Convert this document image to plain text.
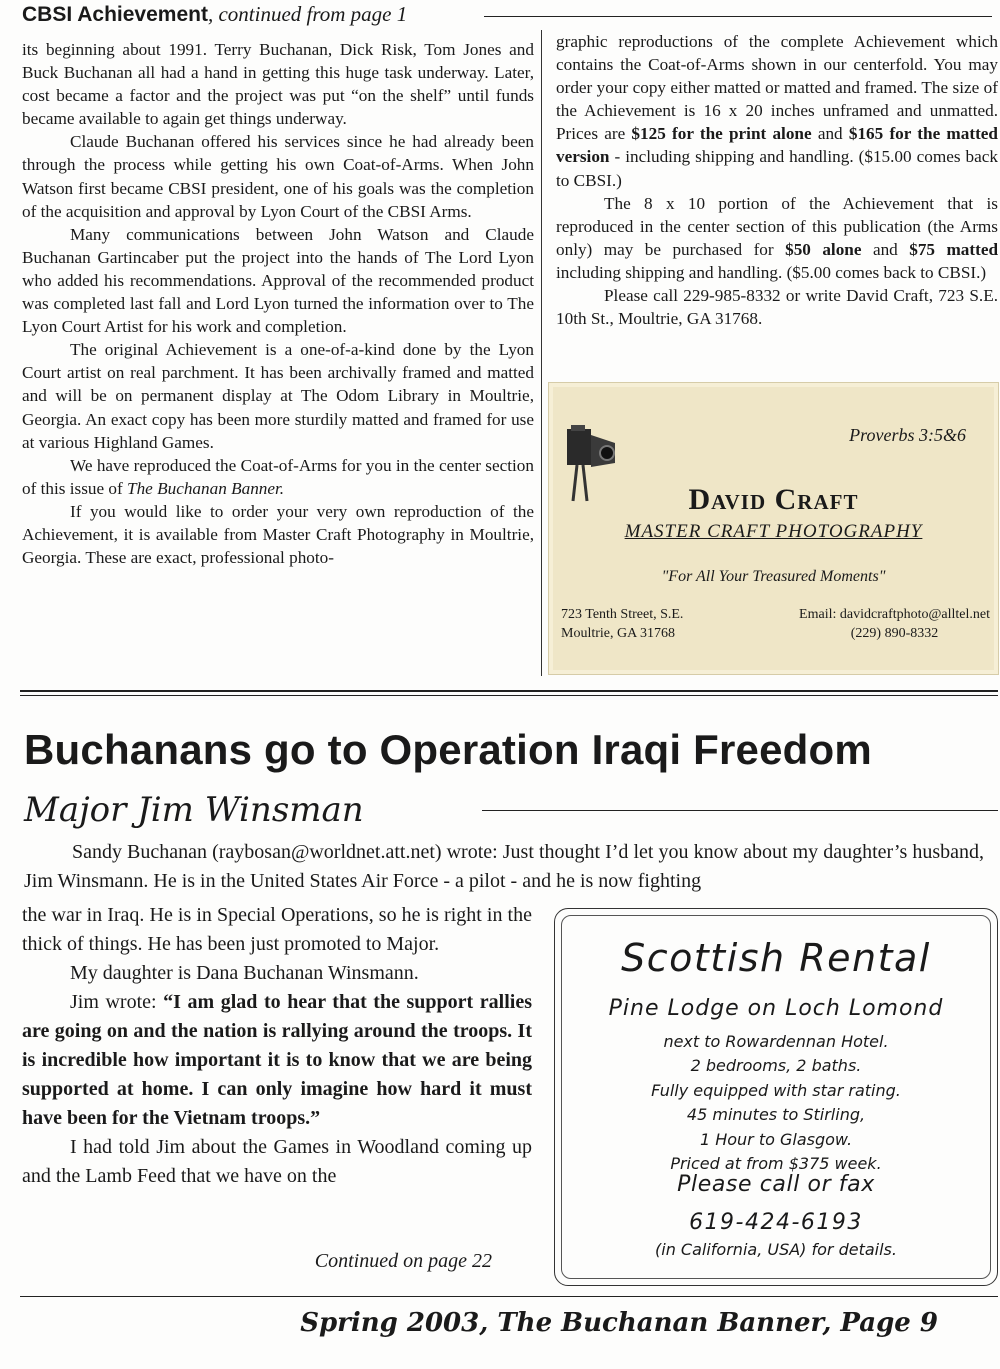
CBSI Achievement, continued from page 1

its beginning about 1991. Terry Buchanan, Dick Risk, Tom Jones and Buck Buchanan all had a hand in getting this huge task underway. Later, cost became a factor and the project was put “on the shelf” until funds became available to again get things underway.

Claude Buchanan offered his services since he had already been through the process while getting his own Coat-of-Arms. When John Watson first became CBSI president, one of his goals was the completion of the acquisition and approval by Lyon Court of the CBSI Arms.

Many communications between John Watson and Claude Buchanan Gartincaber put the project into the hands of The Lord Lyon who added his recommendations. Approval of the recommended product was completed last fall and Lord Lyon turned the information over to The Lyon Court Artist for his work and completion.

The original Achievement is a one-of-a-kind done by the Lyon Court artist on real parchment. It has been archivally framed and matted and will be on permanent display at The Odom Library in Moultrie, Georgia. An exact copy has been more sturdily matted and framed for use at various Highland Games.

We have reproduced the Coat-of-Arms for you in the center section of this issue of The Buchanan Banner.

If you would like to order your very own reproduction of the Achievement, it is available from Master Craft Photography in Moultrie, Georgia. These are exact, professional photo-

graphic reproductions of the complete Achievement which contains the Coat-of-Arms shown in our centerfold. You may order your copy either matted or matted and framed. The size of the Achievement is 16 x 20 inches unframed and unmatted. Prices are $125 for the print alone and $165 for the matted version - including shipping and handling. ($15.00 comes back to CBSI.)

The 8 x 10 portion of the Achievement that is reproduced in the center section of this publication (the Arms only) may be purchased for $50 alone and $75 matted including shipping and handling. ($5.00 comes back to CBSI.)

Please call 229-985-8332 or write David Craft, 723 S.E. 10th St., Moultrie, GA 31768.

Proverbs 3:5&6
David Craft
MASTER CRAFT PHOTOGRAPHY
"For All Your Treasured Moments"
723 Tenth Street, S.E.
Moultrie, GA 31768
Email: davidcraftphoto@alltel.net
(229) 890-8332
Buchanans go to Operation Iraqi Freedom
Major Jim Winsman

Sandy Buchanan (raybosan@worldnet.att.net) wrote: Just thought I’d let you know about my daughter’s husband, Jim Winsmann. He is in the United States Air Force - a pilot - and he is now fighting

the war in Iraq. He is in Special Operations, so he is right in the thick of things. He has been just promoted to Major.

My daughter is Dana Buchanan Winsmann.

Jim wrote: “I am glad to hear that the support rallies are going on and the nation is rallying around the troops. It is incredible how important it is to know that we are being supported at home. I can only imagine how hard it must have been for the Vietnam troops.”

I had told Jim about the Games in Woodland coming up and the Lamb Feed that we have on the

Continued on page 22
Scottish Rental
Pine Lodge on Loch Lomond
next to Rowardennan Hotel.
2 bedrooms, 2 baths.
Fully equipped with star rating.
45 minutes to Stirling,
1 Hour to Glasgow.
Priced at from $375 week.
Please call or fax
619-424-6193
(in California, USA) for details.
Spring 2003, The Buchanan Banner, Page 9
